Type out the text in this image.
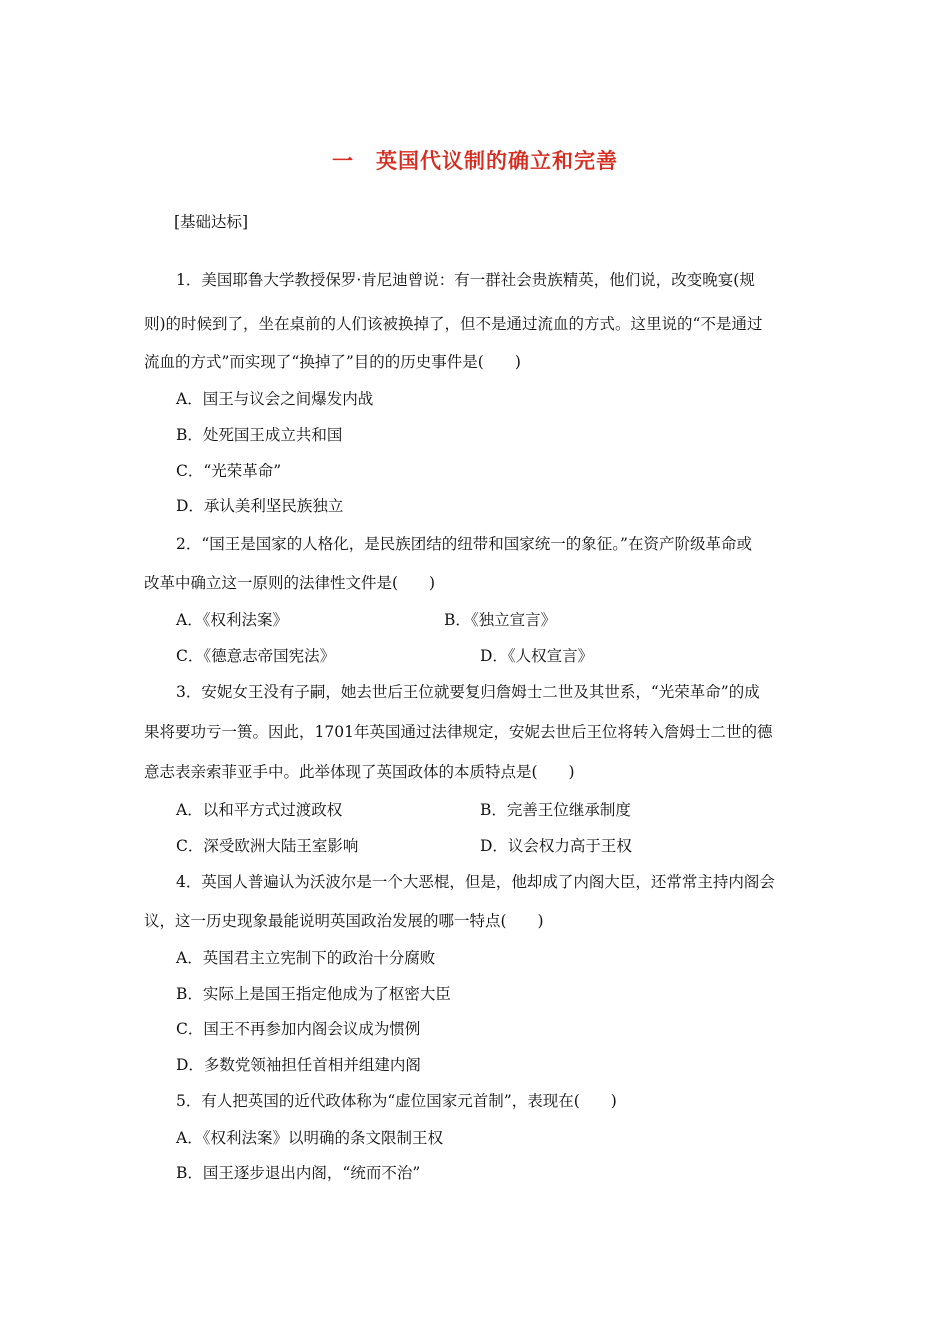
一 英国代议制的确立和完善
[基础达标]
1．美国耶鲁大学教授保罗·肯尼迪曾说：有一群社会贵族精英，他们说，改变晚宴(规
则)的时候到了，坐在桌前的人们该被换掉了，但不是通过流血的方式。这里说的“不是通过
流血的方式”而实现了“换掉了”目的的历史事件是(　　)
A．国王与议会之间爆发内战
B．处死国王成立共和国
C．“光荣革命”
D．承认美利坚民族独立
2．“国王是国家的人格化，是民族团结的纽带和国家统一的象征。”在资产阶级革命或
改革中确立这一原则的法律性文件是(　　)
A．《权利法案》	B．《独立宣言》
C．《德意志帝国宪法》	D．《人权宣言》
3．安妮女王没有子嗣，她去世后王位就要复归詹姆士二世及其世系，“光荣革命”的成
果将要功亏一篑。因此，1701年英国通过法律规定，安妮去世后王位将转入詹姆士二世的德
意志表亲索菲亚手中。此举体现了英国政体的本质特点是(　　)
A．以和平方式过渡政权	B．完善王位继承制度
C．深受欧洲大陆王室影响	D．议会权力高于王权
4．英国人普遍认为沃波尔是一个大恶棍，但是，他却成了内阁大臣，还常常主持内阁会
议，这一历史现象最能说明英国政治发展的哪一特点(　　)
A．英国君主立宪制下的政治十分腐败
B．实际上是国王指定他成为了枢密大臣
C．国王不再参加内阁会议成为惯例
D．多数党领袖担任首相并组建内阁
5．有人把英国的近代政体称为“虚位国家元首制”，表现在(　　)
A．《权利法案》以明确的条文限制王权
B．国王逐步退出内阁，“统而不治”
